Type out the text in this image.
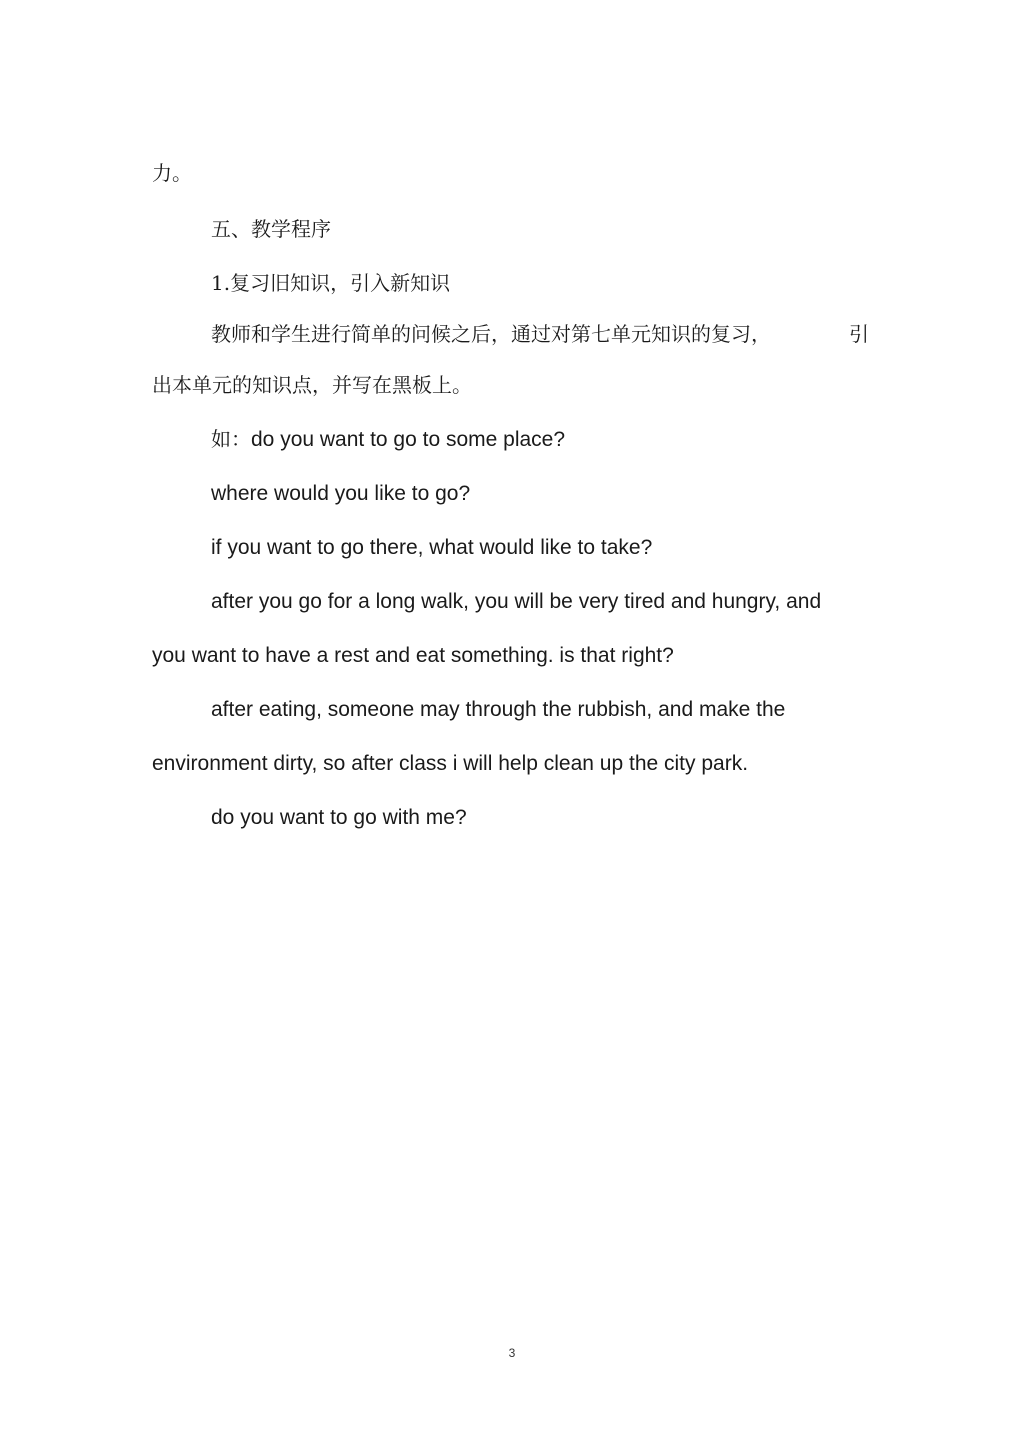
力。
五、教学程序
1.复习旧知识，引入新知识
教师和学生进行简单的问候之后，通过对第七单元知识的复习，	引
出本单元的知识点，并写在黑板上。
如：do you want to go to some place?
where would you like to go?
if you want to go there, what would like to take?
after you go for a long walk, you will be very tired and hungry, and
you want to have a rest and eat something. is that right?
after eating, someone may through the rubbish, and make the
environment dirty, so after class i will help clean up the city park.
do you want to go with me?
3
